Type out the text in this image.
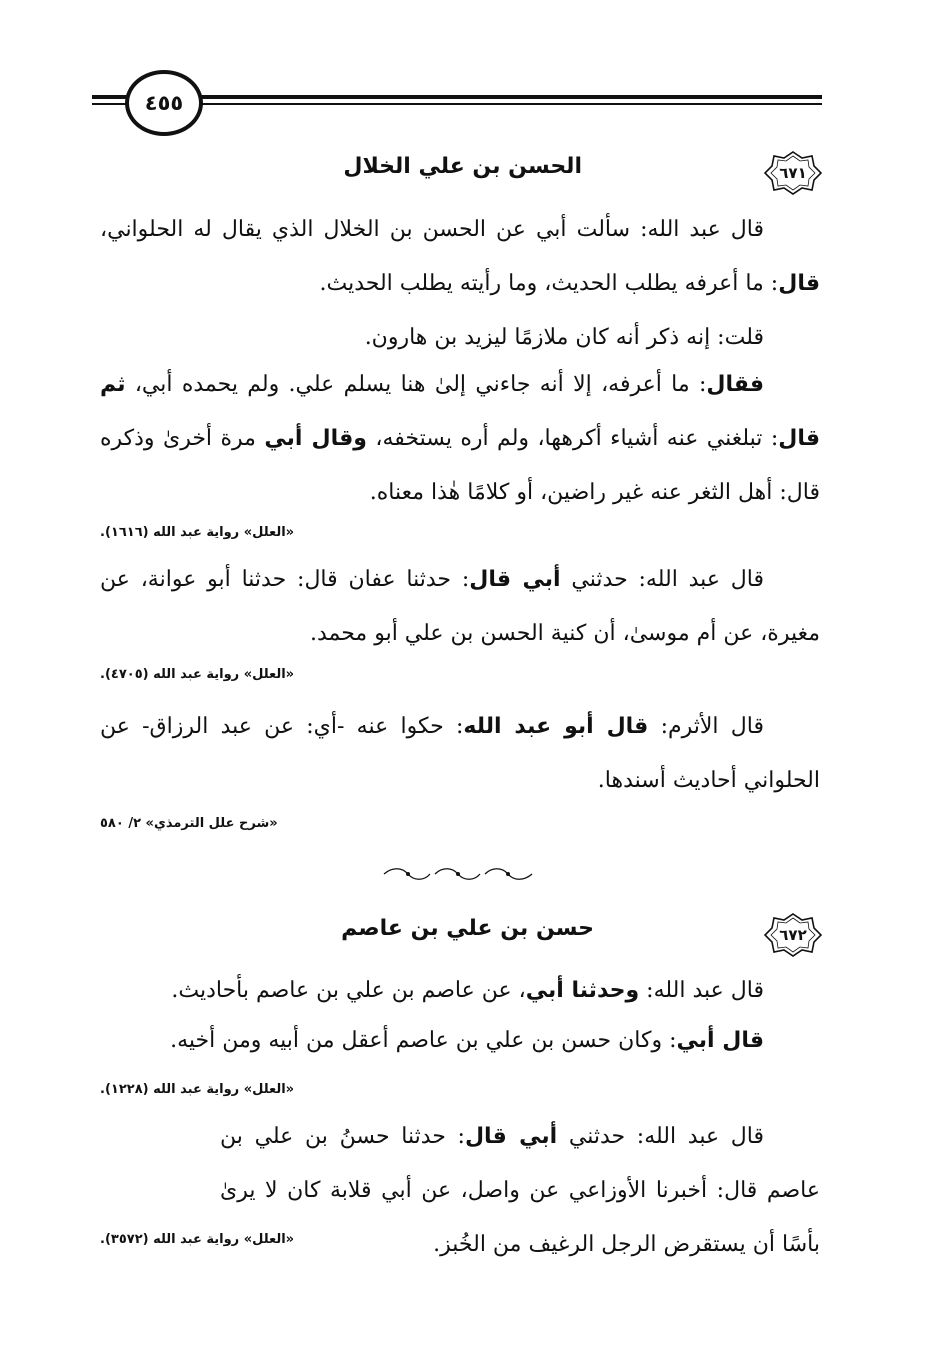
٤٥٥
٦٧١
الحسن بن علي الخلال

قال عبد الله: سألت أبي عن الحسن بن الخلال الذي يقال له الحلواني، قال: ما أعرفه يطلب الحديث، وما رأيته يطلب الحديث.

قلت: إنه ذكر أنه كان ملازمًا ليزيد بن هارون.

فقال: ما أعرفه، إلا أنه جاءني إلىٰ هنا يسلم علي. ولم يحمده أبي، ثم قال: تبلغني عنه أشياء أكرهها، ولم أره يستخفه، وقال أبي مرة أخرىٰ وذكره قال: أهل الثغر عنه غير راضين، أو كلامًا هٰذا معناه.

«العلل» رواية عبد الله (١٦١٦).

قال عبد الله: حدثني أبي قال: حدثنا عفان قال: حدثنا أبو عوانة، عن مغيرة، عن أم موسىٰ، أن كنية الحسن بن علي أبو محمد.

«العلل» رواية عبد الله (٤٧٠٥).

قال الأثرم: قال أبو عبد الله: حكوا عنه -أي: عن عبد الرزاق- عن الحلواني أحاديث أسندها.

«شرح علل الترمذي» ٢/ ٥٨٠
٦٧٢
حسن بن علي بن عاصم

قال عبد الله: وحدثنا أبي، عن عاصم بن علي بن عاصم بأحاديث.

قال أبي: وكان حسن بن علي بن عاصم أعقل من أبيه ومن أخيه.

«العلل» رواية عبد الله (١٢٢٨).

قال عبد الله: حدثني أبي قال: حدثنا حسنُ بن علي بن عاصم قال: أخبرنا الأوزاعي عن واصل، عن أبي قلابة كان لا يرىٰ بأسًا أن يستقرض الرجل الرغيف من الخُبز.

«العلل» رواية عبد الله (٣٥٧٢).
